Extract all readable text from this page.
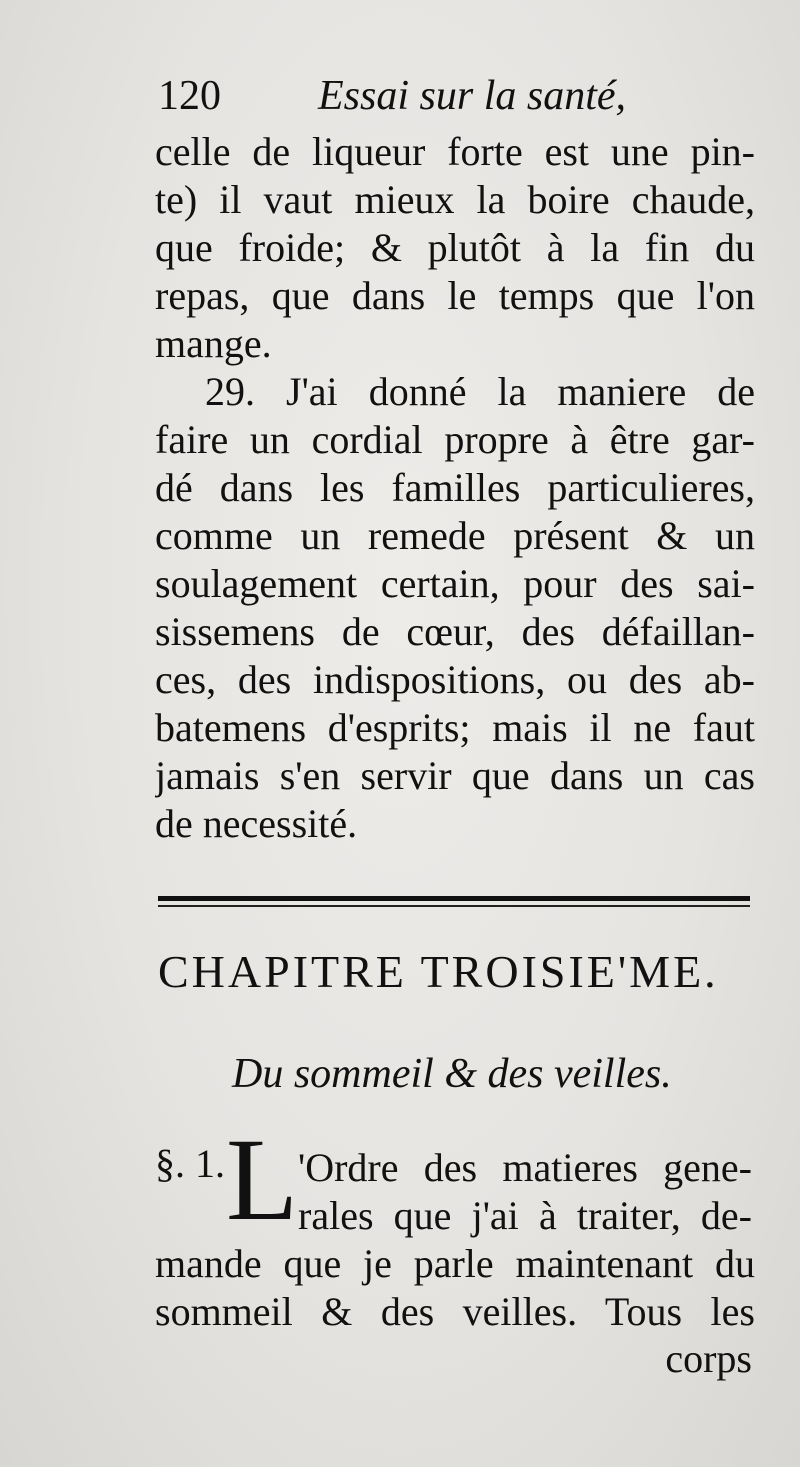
120 Essai sur la santé,
celle de liqueur forte est une pin-
te) il vaut mieux la boire chaude,
que froide; & plutôt à la fin du
repas, que dans le temps que l'on
mange.
29. J'ai donné la maniere de
faire un cordial propre à être gar-
dé dans les familles particulieres,
comme un remede présent & un
soulagement certain, pour des sai-
sissemens de cœur, des défaillan-
ces, des indispositions, ou des ab-
batemens d'esprits; mais il ne faut
jamais s'en servir que dans un cas
de necessité.
CHAPITRE TROISIE'ME.
Du sommeil & des veilles.
§. 1. L 'Ordre des matieres gene-
rales que j'ai à traiter, de-
mande que je parle maintenant du
sommeil & des veilles. Tous les
corps
